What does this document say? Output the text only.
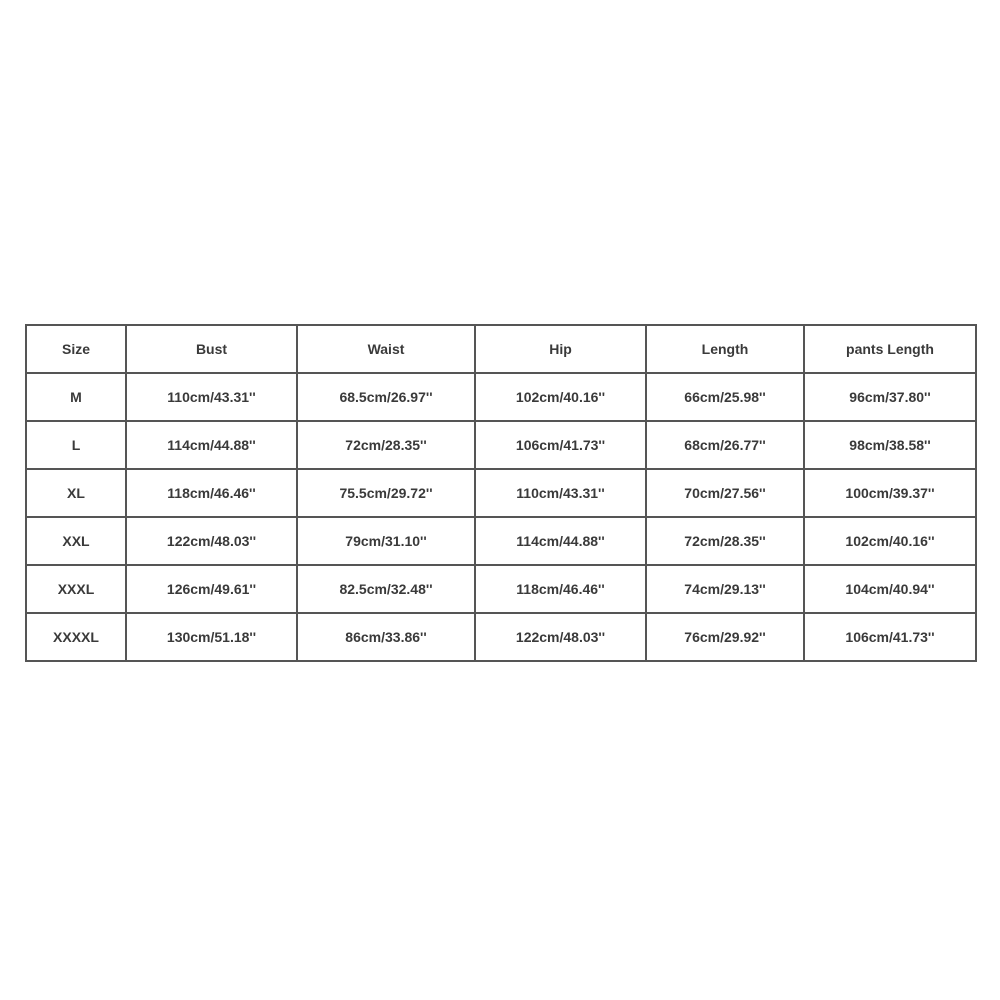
Size	Bust	Waist	Hip	Length	pants Length
M	110cm/43.31''	68.5cm/26.97''	102cm/40.16''	66cm/25.98''	96cm/37.80''
L	114cm/44.88''	72cm/28.35''	106cm/41.73''	68cm/26.77''	98cm/38.58''
XL	118cm/46.46''	75.5cm/29.72''	110cm/43.31''	70cm/27.56''	100cm/39.37''
XXL	122cm/48.03''	79cm/31.10''	114cm/44.88''	72cm/28.35''	102cm/40.16''
XXXL	126cm/49.61''	82.5cm/32.48''	118cm/46.46''	74cm/29.13''	104cm/40.94''
XXXXL	130cm/51.18''	86cm/33.86''	122cm/48.03''	76cm/29.92''	106cm/41.73''
